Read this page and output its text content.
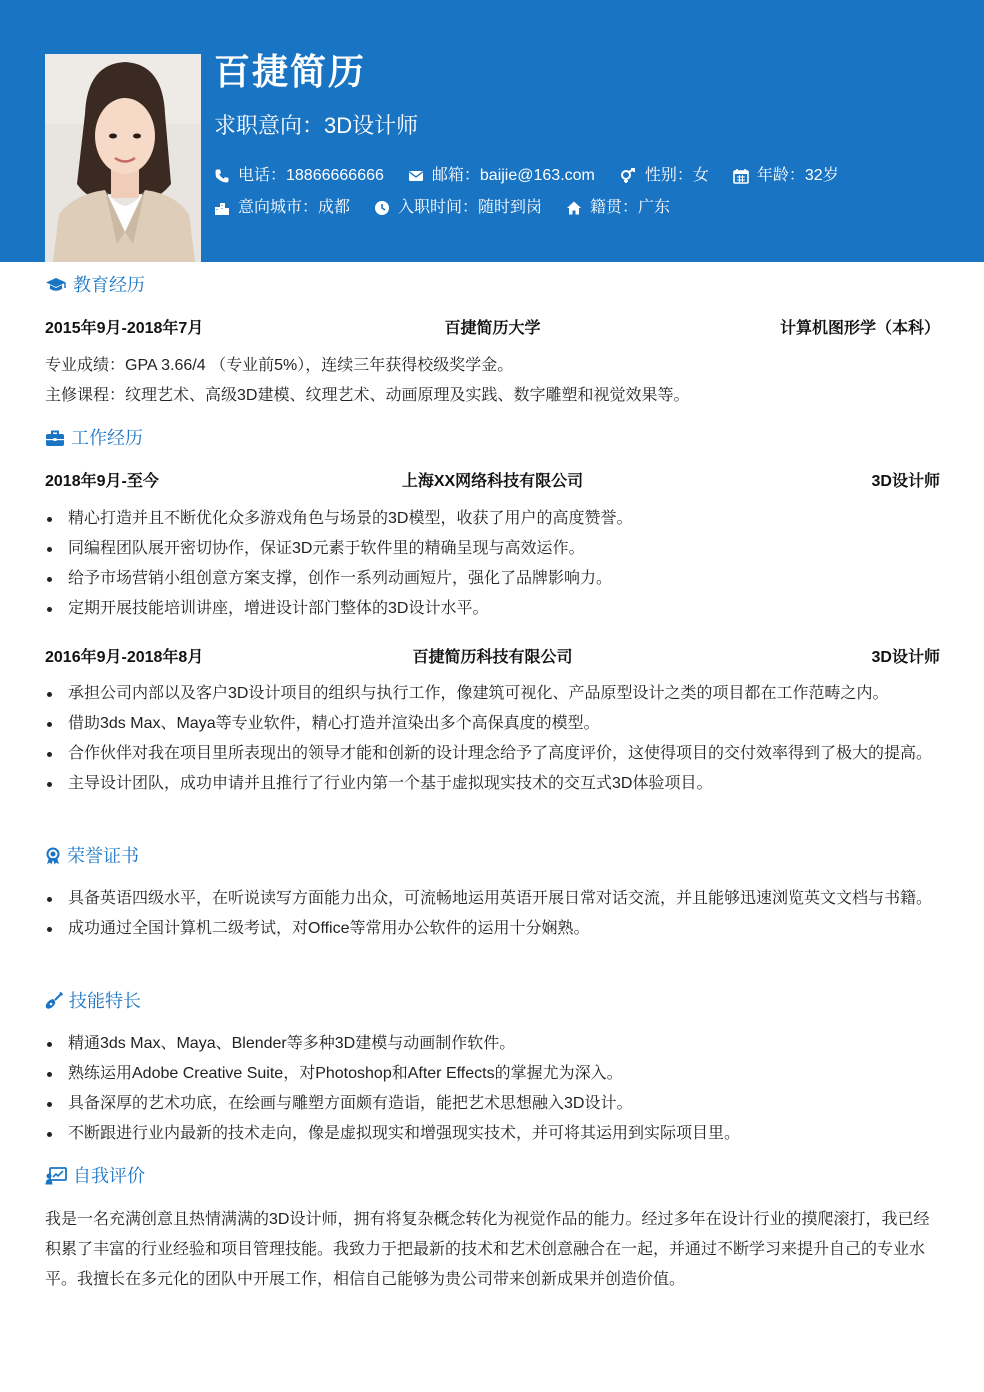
百捷简历
求职意向：3D设计师
电话：18866666666	邮箱：baijie@163.com	性别：女	年龄：32岁
意向城市：成都	入职时间：随时到岗	籍贯：广东
教育经历
2015年9月-2018年7月	百捷简历大学	计算机图形学（本科）
专业成绩：GPA 3.66/4 （专业前5%），连续三年获得校级奖学金。
主修课程：纹理艺术、高级3D建模、纹理艺术、动画原理及实践、数字雕塑和视觉效果等。
工作经历
2018年9月-至今	上海XX网络科技有限公司	3D设计师
精心打造并且不断优化众多游戏角色与场景的3D模型，收获了用户的高度赞誉。
同编程团队展开密切协作，保证3D元素于软件里的精确呈现与高效运作。
给予市场营销小组创意方案支撑，创作一系列动画短片，强化了品牌影响力。
定期开展技能培训讲座，增进设计部门整体的3D设计水平。
2016年9月-2018年8月	百捷简历科技有限公司	3D设计师
承担公司内部以及客户3D设计项目的组织与执行工作，像建筑可视化、产品原型设计之类的项目都在工作范畴之内。
借助3ds Max、Maya等专业软件，精心打造并渲染出多个高保真度的模型。
合作伙伴对我在项目里所表现出的领导才能和创新的设计理念给予了高度评价，这使得项目的交付效率得到了极大的提高。
主导设计团队，成功申请并且推行了行业内第一个基于虚拟现实技术的交互式3D体验项目。
荣誉证书
具备英语四级水平，在听说读写方面能力出众，可流畅地运用英语开展日常对话交流，并且能够迅速浏览英文文档与书籍。
成功通过全国计算机二级考试，对Office等常用办公软件的运用十分娴熟。
技能特长
精通3ds Max、Maya、Blender等多种3D建模与动画制作软件。
熟练运用Adobe Creative Suite，对Photoshop和After Effects的掌握尤为深入。
具备深厚的艺术功底，在绘画与雕塑方面颇有造诣，能把艺术思想融入3D设计。
不断跟进行业内最新的技术走向，像是虚拟现实和增强现实技术，并可将其运用到实际项目里。
自我评价
我是一名充满创意且热情满满的3D设计师，拥有将复杂概念转化为视觉作品的能力。经过多年在设计行业的摸爬滚打，我已经积累了丰富的行业经验和项目管理技能。我致力于把最新的技术和艺术创意融合在一起，并通过不断学习来提升自己的专业水平。我擅长在多元化的团队中开展工作，相信自己能够为贵公司带来创新成果并创造价值。
